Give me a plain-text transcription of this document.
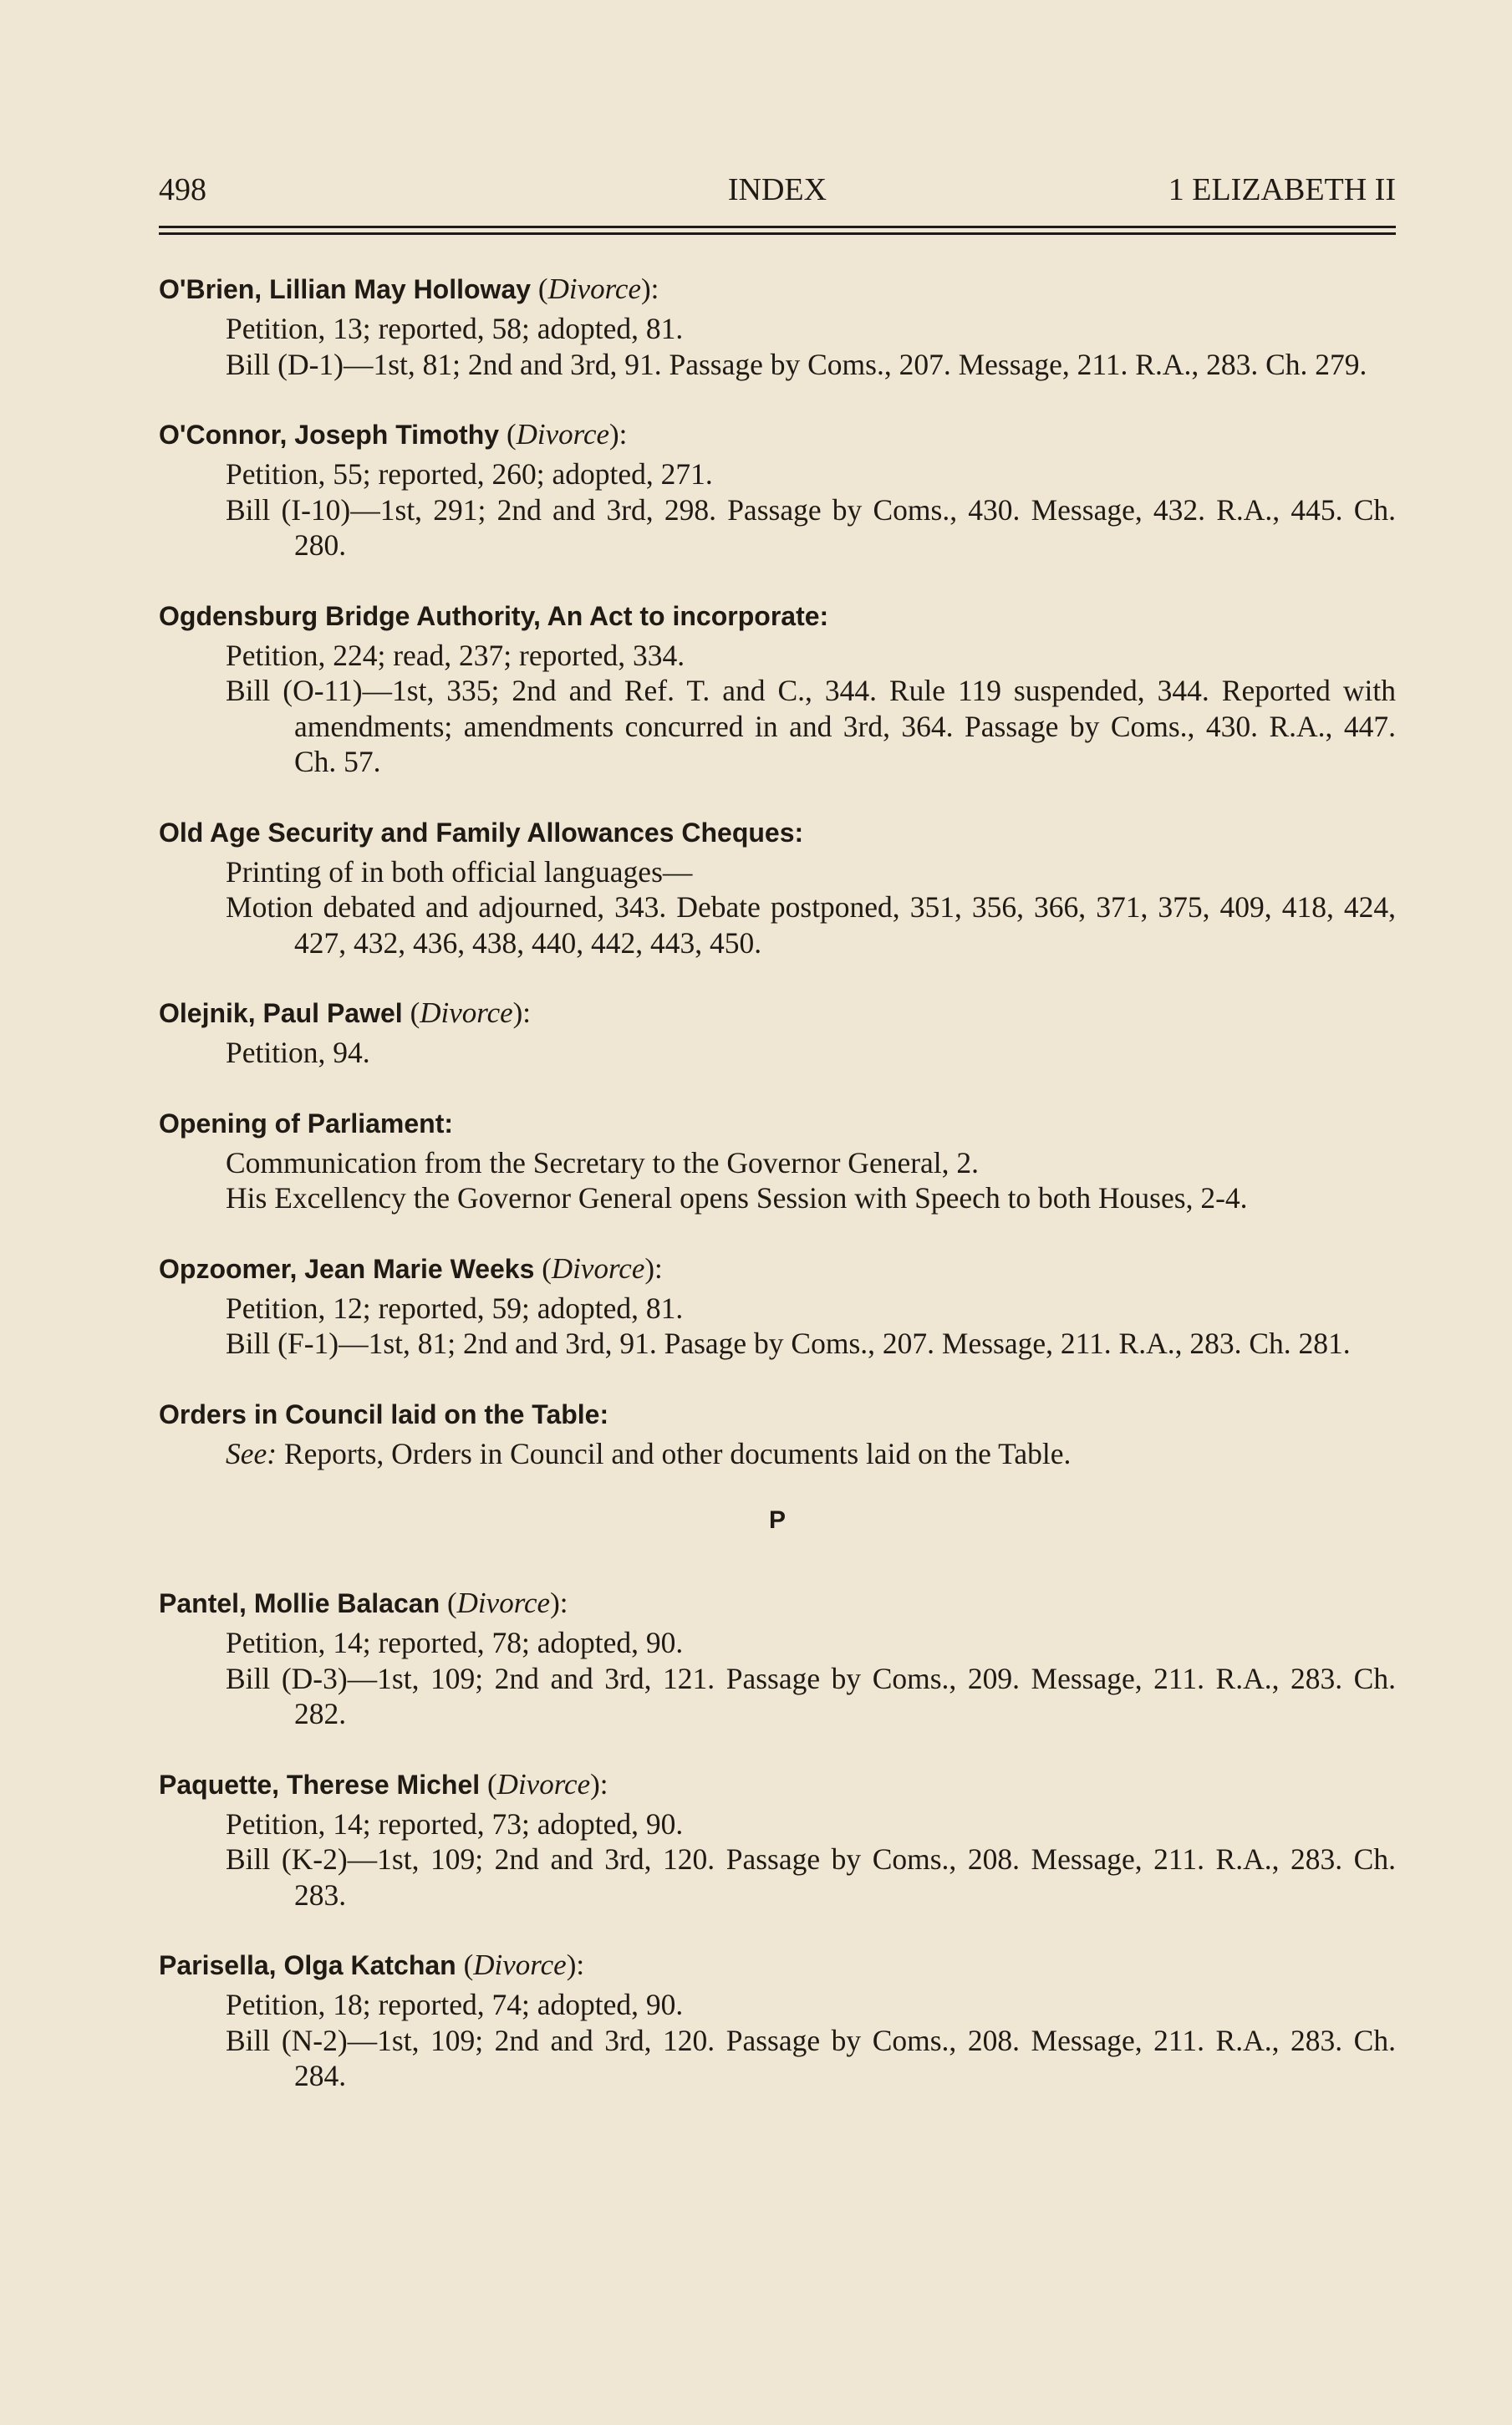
498	INDEX	1 ELIZABETH II
O'Brien, Lillian May Holloway (Divorce):
Petition, 13; reported, 58; adopted, 81.
Bill (D-1)—1st, 81; 2nd and 3rd, 91. Passage by Coms., 207. Message, 211. R.A., 283. Ch. 279.
O'Connor, Joseph Timothy (Divorce):
Petition, 55; reported, 260; adopted, 271.
Bill (I-10)—1st, 291; 2nd and 3rd, 298. Passage by Coms., 430. Message, 432. R.A., 445. Ch. 280.
Ogdensburg Bridge Authority, An Act to incorporate:
Petition, 224; read, 237; reported, 334.
Bill (O-11)—1st, 335; 2nd and Ref. T. and C., 344. Rule 119 suspended, 344. Reported with amendments; amendments concurred in and 3rd, 364. Passage by Coms., 430. R.A., 447. Ch. 57.
Old Age Security and Family Allowances Cheques:
Printing of in both official languages—
Motion debated and adjourned, 343. Debate postponed, 351, 356, 366, 371, 375, 409, 418, 424, 427, 432, 436, 438, 440, 442, 443, 450.
Olejnik, Paul Pawel (Divorce):
Petition, 94.
Opening of Parliament:
Communication from the Secretary to the Governor General, 2.
His Excellency the Governor General opens Session with Speech to both Houses, 2-4.
Opzoomer, Jean Marie Weeks (Divorce):
Petition, 12; reported, 59; adopted, 81.
Bill (F-1)—1st, 81; 2nd and 3rd, 91. Pasage by Coms., 207. Message, 211. R.A., 283. Ch. 281.
Orders in Council laid on the Table:
See: Reports, Orders in Council and other documents laid on the Table.
P
Pantel, Mollie Balacan (Divorce):
Petition, 14; reported, 78; adopted, 90.
Bill (D-3)—1st, 109; 2nd and 3rd, 121. Passage by Coms., 209. Message, 211. R.A., 283. Ch. 282.
Paquette, Therese Michel (Divorce):
Petition, 14; reported, 73; adopted, 90.
Bill (K-2)—1st, 109; 2nd and 3rd, 120. Passage by Coms., 208. Message, 211. R.A., 283. Ch. 283.
Parisella, Olga Katchan (Divorce):
Petition, 18; reported, 74; adopted, 90.
Bill (N-2)—1st, 109; 2nd and 3rd, 120. Passage by Coms., 208. Message, 211. R.A., 283. Ch. 284.
